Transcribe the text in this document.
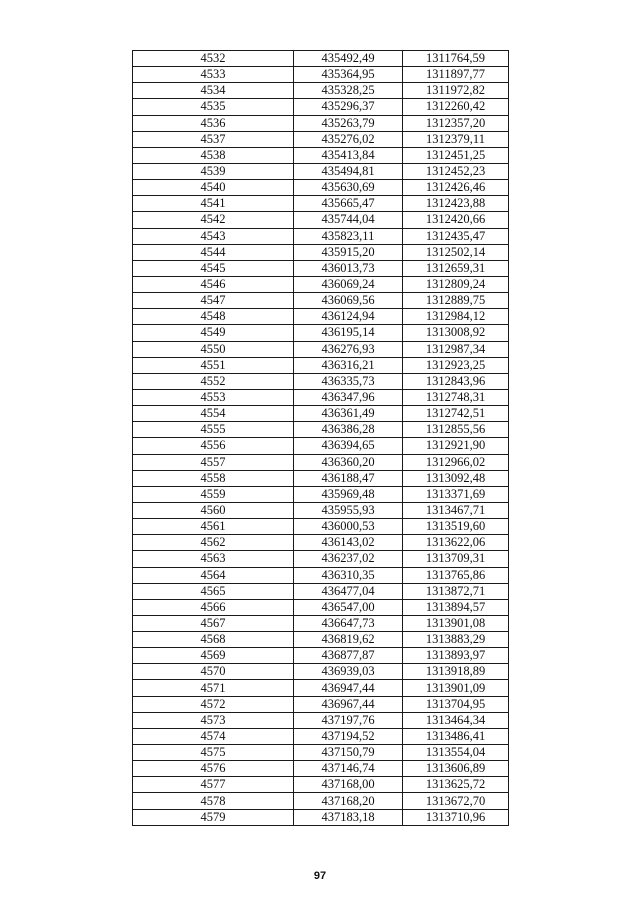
4532	435492,49	1311764,59
4533	435364,95	1311897,77
4534	435328,25	1311972,82
4535	435296,37	1312260,42
4536	435263,79	1312357,20
4537	435276,02	1312379,11
4538	435413,84	1312451,25
4539	435494,81	1312452,23
4540	435630,69	1312426,46
4541	435665,47	1312423,88
4542	435744,04	1312420,66
4543	435823,11	1312435,47
4544	435915,20	1312502,14
4545	436013,73	1312659,31
4546	436069,24	1312809,24
4547	436069,56	1312889,75
4548	436124,94	1312984,12
4549	436195,14	1313008,92
4550	436276,93	1312987,34
4551	436316,21	1312923,25
4552	436335,73	1312843,96
4553	436347,96	1312748,31
4554	436361,49	1312742,51
4555	436386,28	1312855,56
4556	436394,65	1312921,90
4557	436360,20	1312966,02
4558	436188,47	1313092,48
4559	435969,48	1313371,69
4560	435955,93	1313467,71
4561	436000,53	1313519,60
4562	436143,02	1313622,06
4563	436237,02	1313709,31
4564	436310,35	1313765,86
4565	436477,04	1313872,71
4566	436547,00	1313894,57
4567	436647,73	1313901,08
4568	436819,62	1313883,29
4569	436877,87	1313893,97
4570	436939,03	1313918,89
4571	436947,44	1313901,09
4572	436967,44	1313704,95
4573	437197,76	1313464,34
4574	437194,52	1313486,41
4575	437150,79	1313554,04
4576	437146,74	1313606,89
4577	437168,00	1313625,72
4578	437168,20	1313672,70
4579	437183,18	1313710,96
97
